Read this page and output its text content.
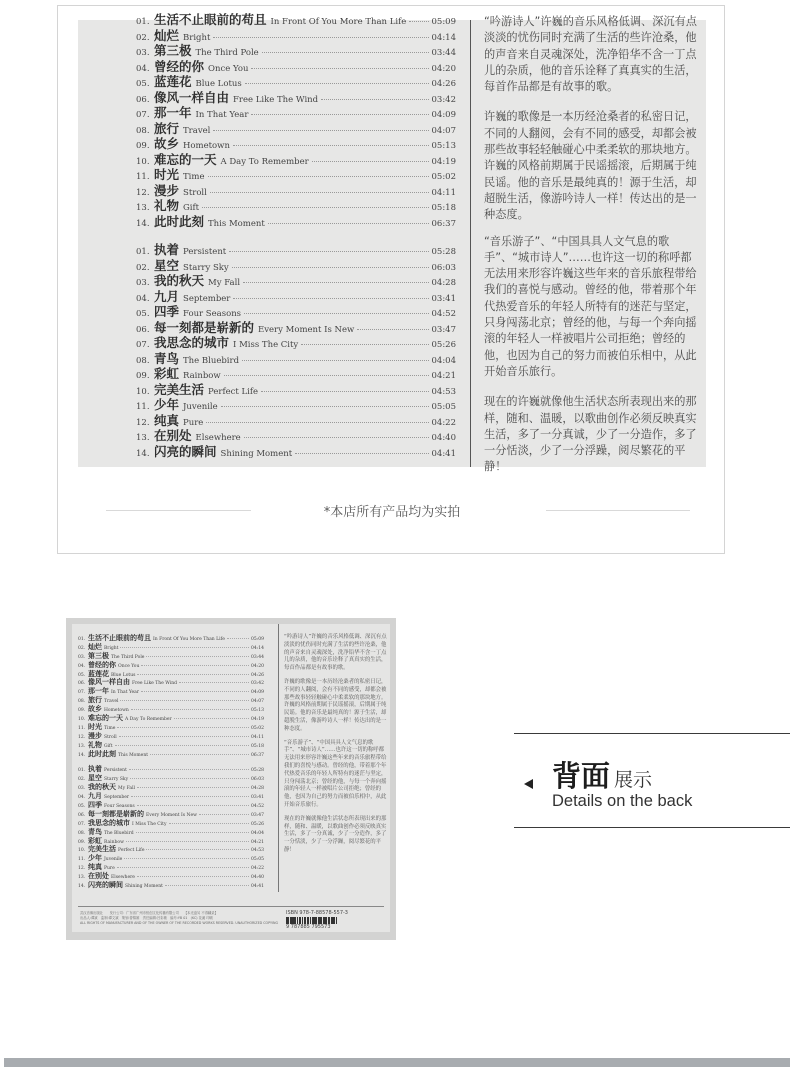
01. 生活不止眼前的苟且 In Front Of You More Than Life	05:09
02. 灿烂 Bright	04:14
03. 第三极 The Third Pole	03:44
04. 曾经的你 Once You	04:20
05. 蓝莲花 Blue Lotus	04:26
06. 像风一样自由 Free Like The Wind	03:42
07. 那一年 In That Year	04:09
08. 旅行 Travel	04:07
09. 故乡 Hometown	05:13
10. 难忘的一天 A Day To Remember	04:19
11. 时光 Time	05:02
12. 漫步 Stroll	04:11
13. 礼物 Gift	05:18
14. 此时此刻 This Moment	06:37
01. 执着 Persistent	05:28
02. 星空 Starry Sky	06:03
03. 我的秋天 My Fall	04:28
04. 九月 September	03:41
05. 四季 Four Seasons	04:52
06. 每一刻都是崭新的 Every Moment Is New	03:47
07. 我思念的城市 I Miss The City	05:26
08. 青鸟 The Bluebird	04:04
09. 彩虹 Rainbow	04:21
10. 完美生活 Perfect Life	04:53
11. 少年 Juvenile	05:05
12. 纯真 Pure	04:22
13. 在别处 Elsewhere	04:40
14. 闪亮的瞬间 Shining Moment	04:41

“吟游诗人”许巍的音乐风格低调、深沉有点淡淡的忧伤同时充满了生活的些许沧桑，他的声音来自灵魂深处，洗净铅华不含一丁点儿的杂质，他的音乐诠释了真真实的生活，每首作品都是有故事的歌。

许巍的歌像是一本历经沧桑者的私密日记，不同的人翻阅，会有不同的感受，却都会被那些故事轻轻触碰心中柔柔软的那块地方。许巍的风格前期属于民谣摇滚，后期属于纯民谣。他的音乐是最纯真的！源于生活，却超脱生活，像游吟诗人一样！传达出的是一种态度。

“音乐游子”、“中国具具人文气息的歌手”、“城市诗人”……也许这一切的称呼都无法用来形容许巍这些年来的音乐旅程带给我们的喜悦与感动。曾经的他，带着那个年代热爱音乐的年轻人所特有的迷茫与坚定，只身闯荡北京；曾经的他，与每一个奔向摇滚的年轻人一样被唱片公司拒绝；曾经的他，也因为自己的努力而被伯乐相中，从此开始音乐旅行。

现在的许巍就像他生活状态所表现出来的那样，随和、温暖，以歌曲创作必须反映真实生活，多了一分真诚，少了一分造作，多了一分恬淡，少了一分浮躁，阅尽繁花的平静！

*本店所有产品均为实拍
01. 生活不止眼前的苟且 In Front Of You More Than Life	05:09
02. 灿烂 Bright	04:14
03. 第三极 The Third Pole	03:44
04. 曾经的你 Once You	04:20
05. 蓝莲花 Blue Lotus	04:26
06. 像风一样自由 Free Like The Wind	03:42
07. 那一年 In That Year	04:09
08. 旅行 Travel	04:07
09. 故乡 Hometown	05:13
10. 难忘的一天 A Day To Remember	04:19
11. 时光 Time	05:02
12. 漫步 Stroll	04:11
13. 礼物 Gift	05:18
14. 此时此刻 This Moment	06:37
01. 执着 Persistent	05:28
02. 星空 Starry Sky	06:03
03. 我的秋天 My Fall	04:28
04. 九月 September	03:41
05. 四季 Four Seasons	04:52
06. 每一刻都是崭新的 Every Moment Is New	03:47
07. 我思念的城市 I Miss The City	05:26
08. 青鸟 The Bluebird	04:04
09. 彩虹 Rainbow	04:21
10. 完美生活 Perfect Life	04:53
11. 少年 Juvenile	05:05
12. 纯真 Pure	04:22
13. 在别处 Elsewhere	04:40
14. 闪亮的瞬间 Shining Moment	04:41

“吟游诗人”许巍的音乐风格低调、深沉有点淡淡的忧伤同时充满了生活的些许沧桑，他的声音来自灵魂深处，洗净铅华不含一丁点儿的杂质，他的音乐诠释了真真实的生活，每首作品都是有故事的歌。

许巍的歌像是一本历经沧桑者的私密日记，不同的人翻阅，会有不同的感受，却都会被那些故事轻轻触碰心中柔柔软的那块地方。许巍的风格前期属于民谣摇滚，后期属于纯民谣。他的音乐是最纯真的！源于生活，却超脱生活，像游吟诗人一样！传达出的是一种态度。

“音乐游子”、“中国具具人文气息的歌手”、“城市诗人”……也许这一切的称呼都无法用来形容许巍这些年来的音乐旅程带给我们的喜悦与感动。曾经的他，带着那个年代热爱音乐的年轻人所特有的迷茫与坚定，只身闯荡北京；曾经的他，与每一个奔向摇滚的年轻人一样被唱片公司拒绝；曾经的他，也因为自己的努力而被伯乐相中，从此开始音乐旅行。

现在的许巍就像他生活状态所表现出来的那样，随和、温暖，以歌曲创作必须反映真实生活，多了一分真诚，少了一分造作，多了一分恬淡，少了一分浮躁，阅尽繁花的平静！

武汉音像出版社　　发行公司：广东省广州市恒创文化传播有限公司　　【本光盘另 不得翻录】
出品人:谭斌　监制:谭文斌　策划:曾锦雄　责任编辑:吕彩敏　编号:YB 01　(KC) 花溪 印刷
ALL RIGHTS OF MANUFACTURER AND OF THE OWNER OF THE RECORDED WORKS RESERVED. UNAUTHORIZED COPYING
ISBN 978-7-88578-557-3
9 787885 795573
背面 展示
Details on the back
